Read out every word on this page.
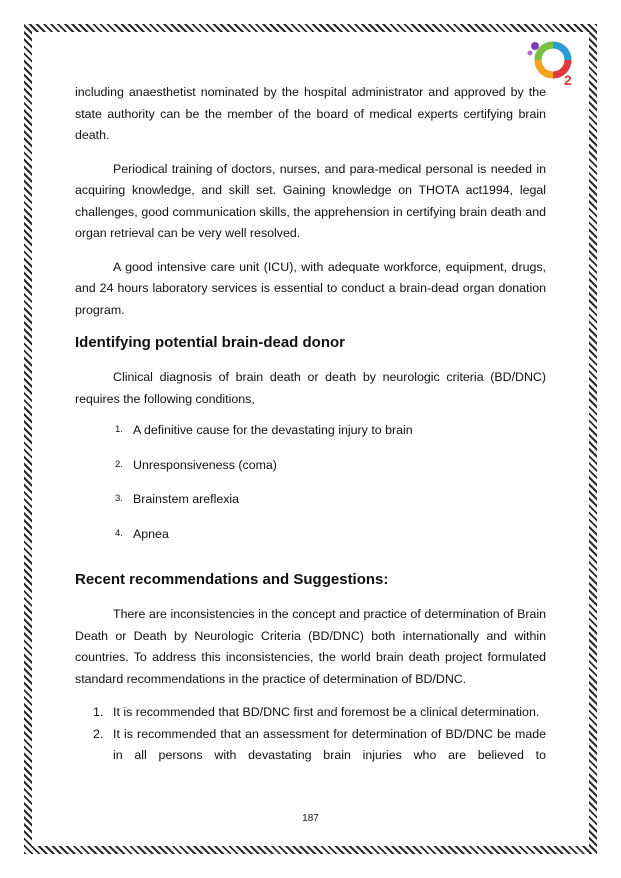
2

including anaesthetist nominated by the hospital administrator and approved by the state authority can be the member of the board of medical experts certifying brain death.

Periodical training of doctors, nurses, and para-medical personal is needed in acquiring knowledge, and skill set. Gaining knowledge on THOTA act1994, legal challenges, good communication skills, the apprehension in certifying brain death and organ retrieval can be very well resolved.

A good intensive care unit (ICU), with adequate workforce, equipment, drugs, and 24 hours laboratory services is essential to conduct a brain-dead organ donation program.

Identifying potential brain-dead donor

Clinical diagnosis of brain death or death by neurologic criteria (BD/DNC) requires the following conditions,

1. A definitive cause for the devastating injury to brain
2. Unresponsiveness (coma)
3. Brainstem areflexia
4. Apnea
Recent recommendations and Suggestions:

There are inconsistencies in the concept and practice of determination of Brain Death or Death by Neurologic Criteria (BD/DNC) both internationally and within countries. To address this inconsistencies, the world brain death project formulated standard recommendations in the practice of determination of BD/DNC.

1. It is recommended that BD/DNC first and foremost be a clinical determination.
2. It is recommended that an assessment for determination of BD/DNC be made in all persons with devastating brain injuries who are believed to
187
